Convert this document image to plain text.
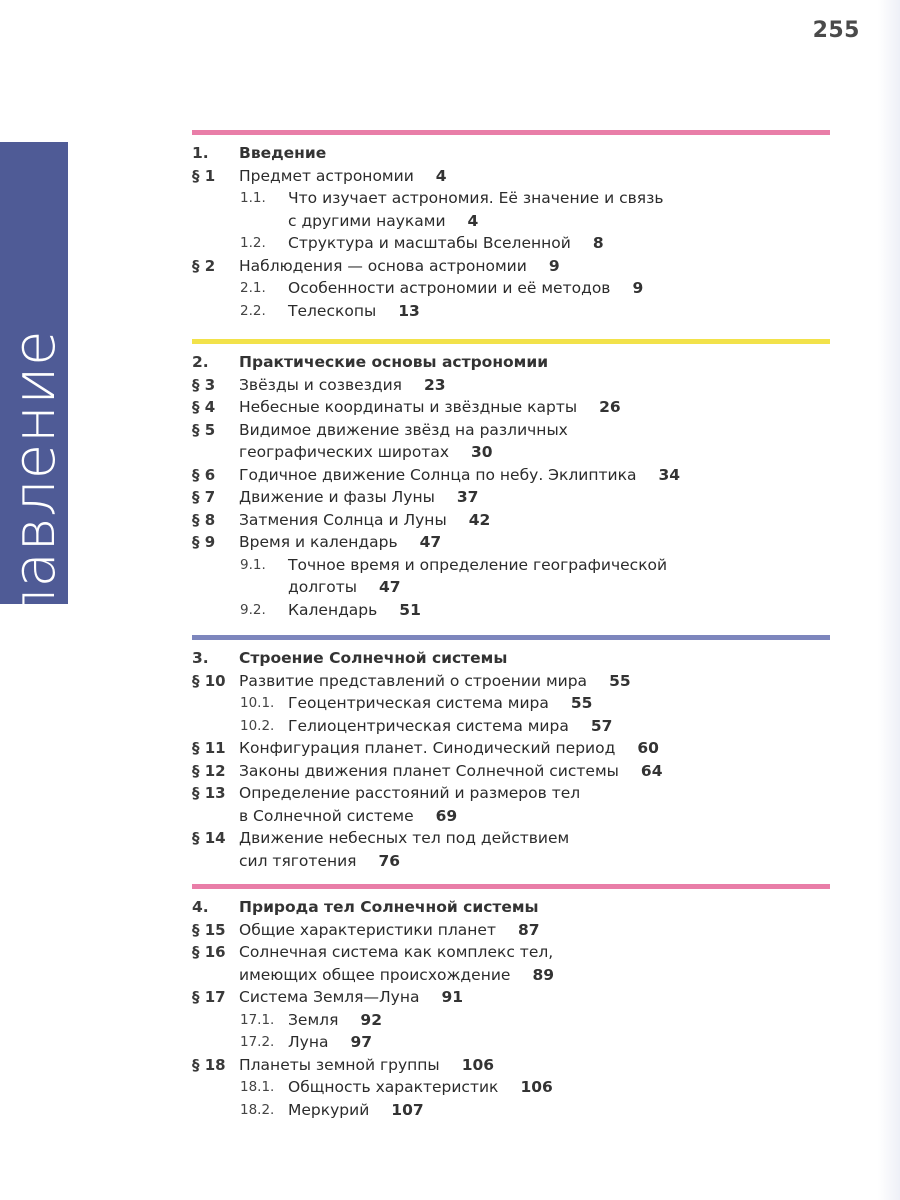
255
Оглавление
1. Введение
§ 1 Предмет астрономии 4
1.1. Что изучает астрономия. Её значение и связь
с другими науками 4
1.2. Структура и масштабы Вселенной 8
§ 2 Наблюдения — основа астрономии 9
2.1. Особенности астрономии и её методов 9
2.2. Телескопы 13
2. Практические основы астрономии
§ 3 Звёзды и созвездия 23
§ 4 Небесные координаты и звёздные карты 26
§ 5 Видимое движение звёзд на различных
географических широтах 30
§ 6 Годичное движение Солнца по небу. Эклиптика 34
§ 7 Движение и фазы Луны 37
§ 8 Затмения Солнца и Луны 42
§ 9 Время и календарь 47
9.1. Точное время и определение географической
долготы 47
9.2. Календарь 51
3. Строение Солнечной системы
§ 10 Развитие представлений о строении мира 55
10.1. Геоцентрическая система мира 55
10.2. Гелиоцентрическая система мира 57
§ 11 Конфигурация планет. Синодический период 60
§ 12 Законы движения планет Солнечной системы 64
§ 13 Определение расстояний и размеров тел
в Солнечной системе 69
§ 14 Движение небесных тел под действием
сил тяготения 76
4. Природа тел Солнечной системы
§ 15 Общие характеристики планет 87
§ 16 Солнечная система как комплекс тел,
имеющих общее происхождение 89
§ 17 Система Земля—Луна 91
17.1. Земля 92
17.2. Луна 97
§ 18 Планеты земной группы 106
18.1. Общность характеристик 106
18.2. Меркурий 107
